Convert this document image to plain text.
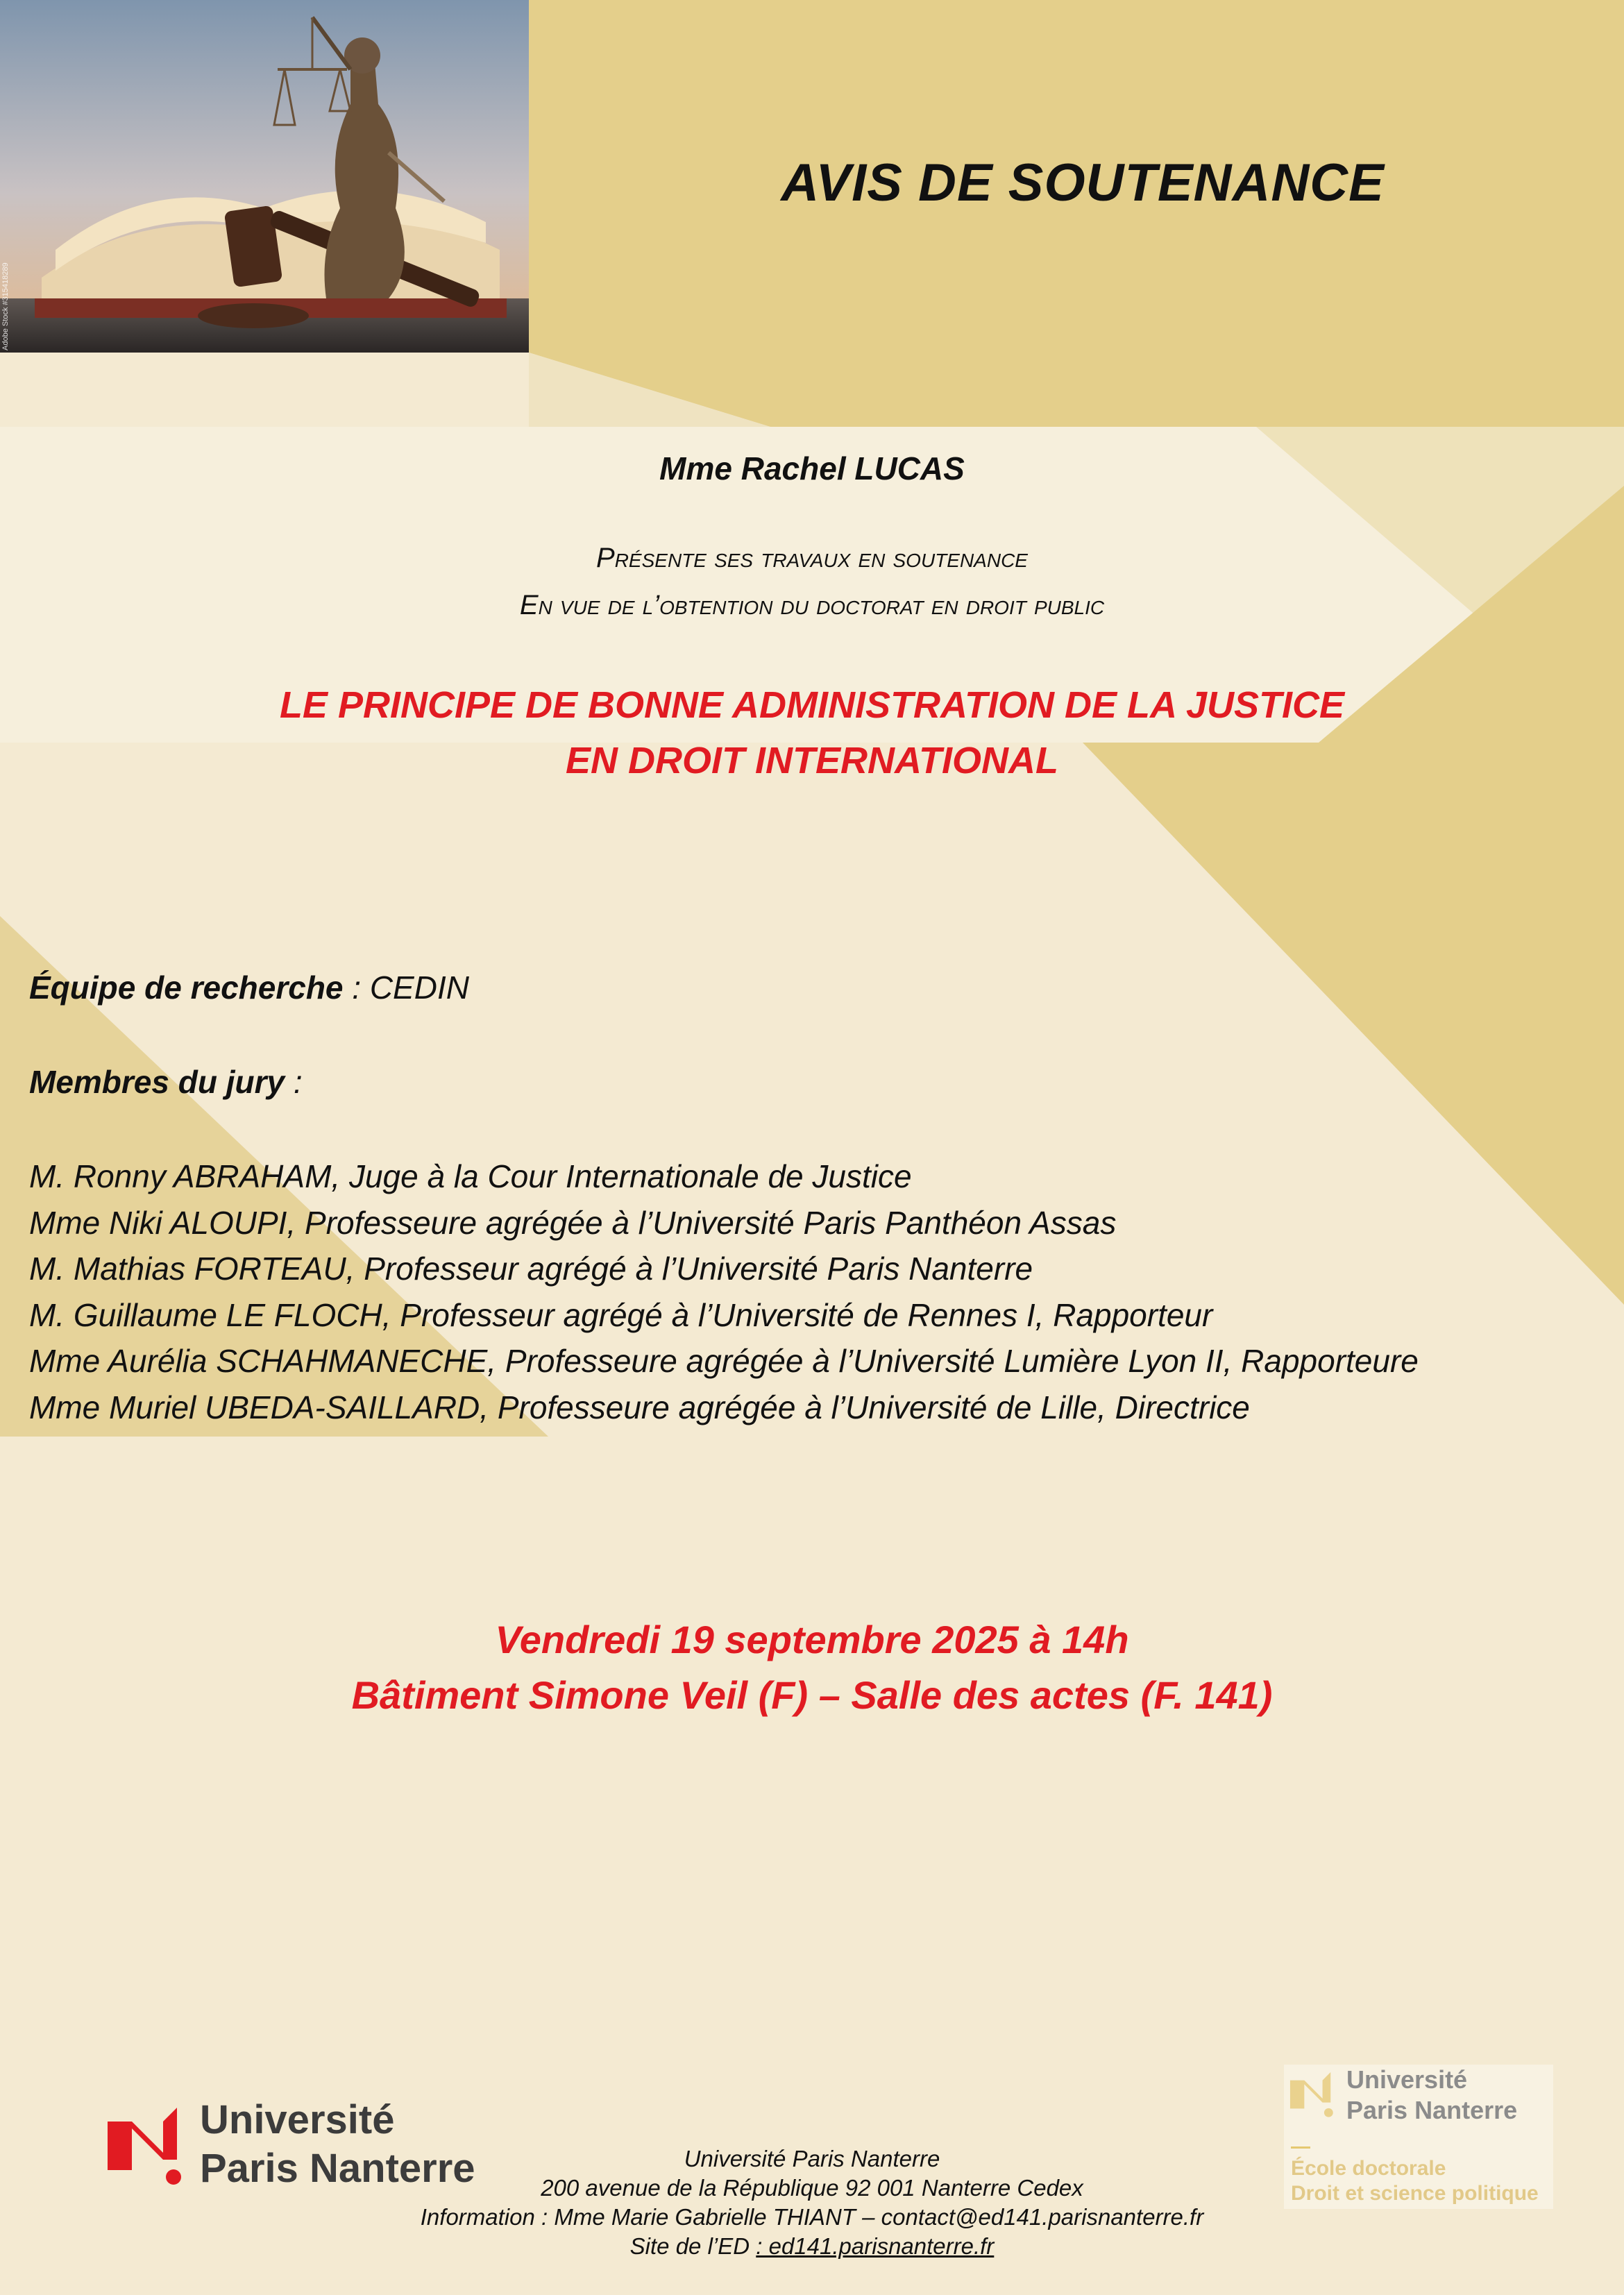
Adobe Stock #315418289
AVIS DE SOUTENANCE
Mme Rachel LUCAS
Présente ses travaux en soutenance
En vue de l’obtention du doctorat en droit public
LE PRINCIPE DE BONNE ADMINISTRATION DE LA JUSTICE
EN DROIT INTERNATIONAL
Équipe de recherche : CEDIN
Membres du jury :
M. Ronny ABRAHAM, Juge à la Cour Internationale de Justice
Mme Niki ALOUPI, Professeure agrégée à l’Université Paris Panthéon Assas
M. Mathias FORTEAU, Professeur agrégé à l’Université Paris Nanterre
M. Guillaume LE FLOCH, Professeur agrégé à l’Université de Rennes I, Rapporteur
Mme Aurélia SCHAHMANECHE, Professeure agrégée à l’Université Lumière Lyon II, Rapporteure
Mme Muriel UBEDA-SAILLARD, Professeure agrégée à l’Université de Lille, Directrice
Vendredi 19 septembre 2025 à 14h
Bâtiment Simone Veil (F) – Salle des actes (F. 141)
Université
Paris Nanterre
Université
Paris Nanterre
École doctorale
Droit et science politique
Université Paris Nanterre
200 avenue de la République 92 001 Nanterre Cedex
Information : Mme Marie Gabrielle THIANT – contact@ed141.parisnanterre.fr
Site de l’ED : ed141.parisnanterre.fr
